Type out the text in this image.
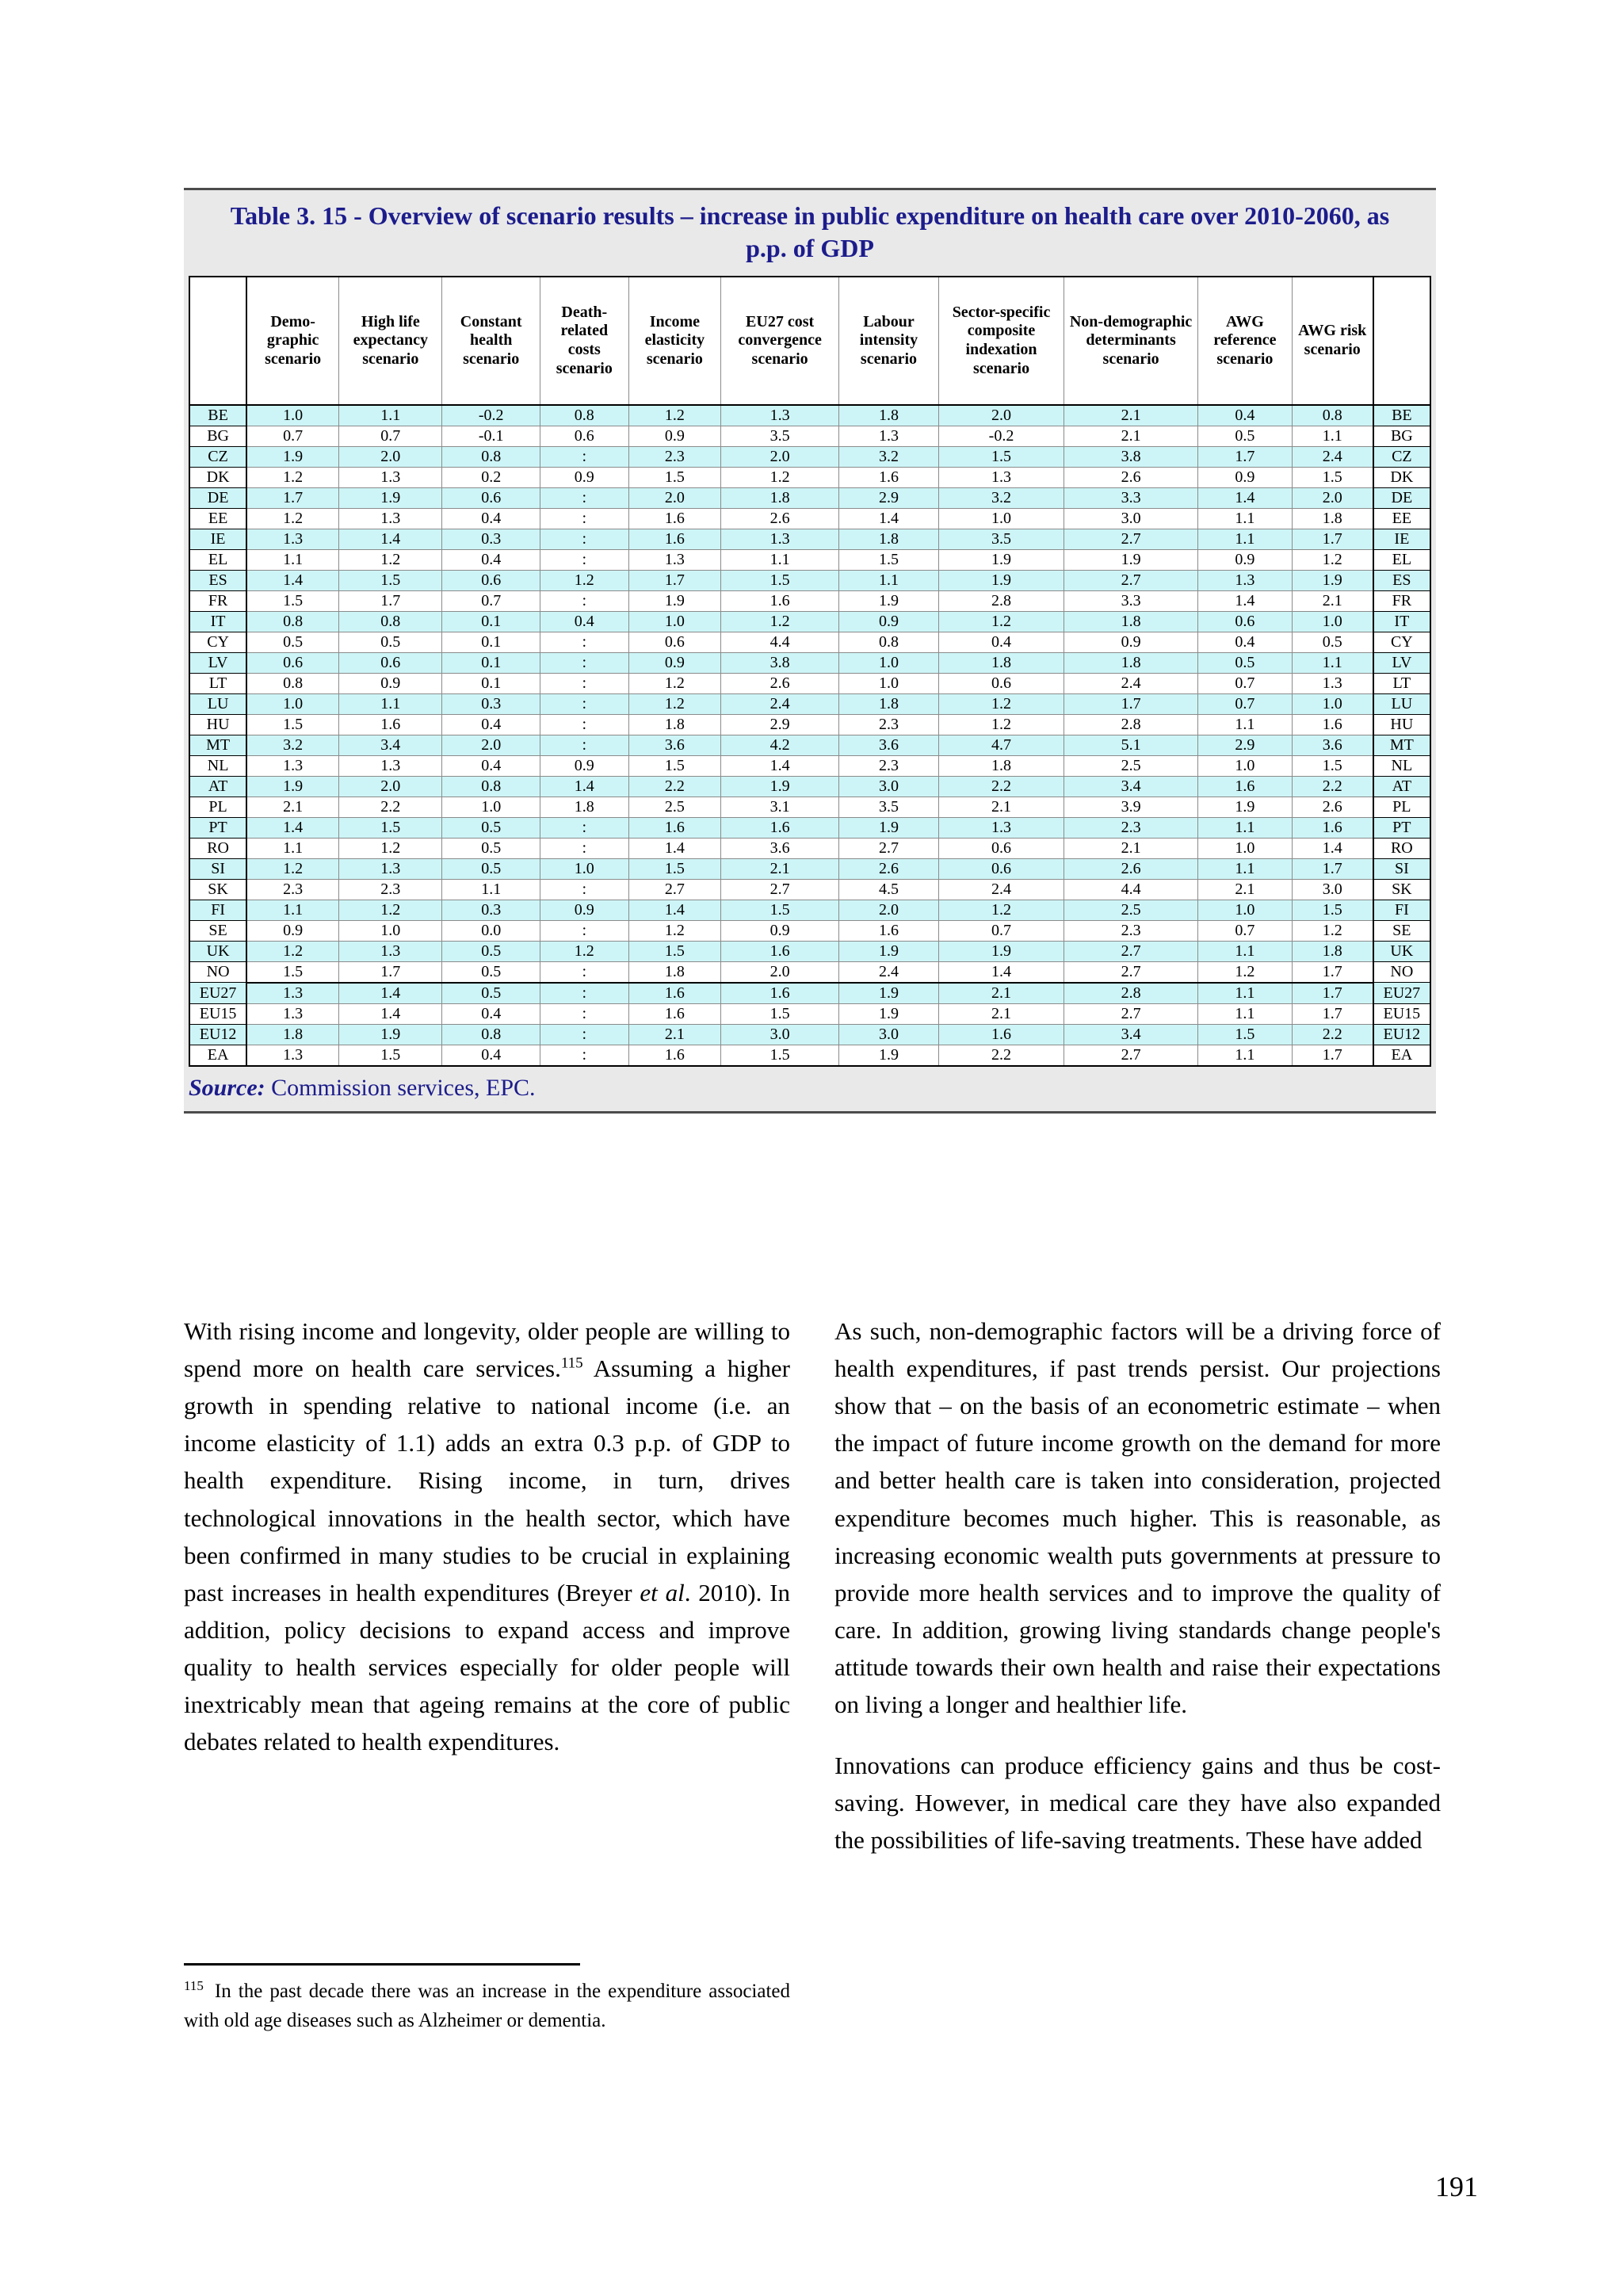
Table 3. 15 - Overview of scenario results – increase in public expenditure on health care over 2010-2060, as p.p. of GDP
	Demo-graphic scenario	High life expectancy scenario	Constant health scenario	Death-related costs scenario	Income elasticity scenario	EU27 cost convergence scenario	Labour intensity scenario	Sector-specific composite indexation scenario	Non-demographic determinants scenario	AWG reference scenario	AWG risk scenario	
BE	1.0	1.1	-0.2	0.8	1.2	1.3	1.8	2.0	2.1	0.4	0.8	BE
BG	0.7	0.7	-0.1	0.6	0.9	3.5	1.3	-0.2	2.1	0.5	1.1	BG
CZ	1.9	2.0	0.8	:	2.3	2.0	3.2	1.5	3.8	1.7	2.4	CZ
DK	1.2	1.3	0.2	0.9	1.5	1.2	1.6	1.3	2.6	0.9	1.5	DK
DE	1.7	1.9	0.6	:	2.0	1.8	2.9	3.2	3.3	1.4	2.0	DE
EE	1.2	1.3	0.4	:	1.6	2.6	1.4	1.0	3.0	1.1	1.8	EE
IE	1.3	1.4	0.3	:	1.6	1.3	1.8	3.5	2.7	1.1	1.7	IE
EL	1.1	1.2	0.4	:	1.3	1.1	1.5	1.9	1.9	0.9	1.2	EL
ES	1.4	1.5	0.6	1.2	1.7	1.5	1.1	1.9	2.7	1.3	1.9	ES
FR	1.5	1.7	0.7	:	1.9	1.6	1.9	2.8	3.3	1.4	2.1	FR
IT	0.8	0.8	0.1	0.4	1.0	1.2	0.9	1.2	1.8	0.6	1.0	IT
CY	0.5	0.5	0.1	:	0.6	4.4	0.8	0.4	0.9	0.4	0.5	CY
LV	0.6	0.6	0.1	:	0.9	3.8	1.0	1.8	1.8	0.5	1.1	LV
LT	0.8	0.9	0.1	:	1.2	2.6	1.0	0.6	2.4	0.7	1.3	LT
LU	1.0	1.1	0.3	:	1.2	2.4	1.8	1.2	1.7	0.7	1.0	LU
HU	1.5	1.6	0.4	:	1.8	2.9	2.3	1.2	2.8	1.1	1.6	HU
MT	3.2	3.4	2.0	:	3.6	4.2	3.6	4.7	5.1	2.9	3.6	MT
NL	1.3	1.3	0.4	0.9	1.5	1.4	2.3	1.8	2.5	1.0	1.5	NL
AT	1.9	2.0	0.8	1.4	2.2	1.9	3.0	2.2	3.4	1.6	2.2	AT
PL	2.1	2.2	1.0	1.8	2.5	3.1	3.5	2.1	3.9	1.9	2.6	PL
PT	1.4	1.5	0.5	:	1.6	1.6	1.9	1.3	2.3	1.1	1.6	PT
RO	1.1	1.2	0.5	:	1.4	3.6	2.7	0.6	2.1	1.0	1.4	RO
SI	1.2	1.3	0.5	1.0	1.5	2.1	2.6	0.6	2.6	1.1	1.7	SI
SK	2.3	2.3	1.1	:	2.7	2.7	4.5	2.4	4.4	2.1	3.0	SK
FI	1.1	1.2	0.3	0.9	1.4	1.5	2.0	1.2	2.5	1.0	1.5	FI
SE	0.9	1.0	0.0	:	1.2	0.9	1.6	0.7	2.3	0.7	1.2	SE
UK	1.2	1.3	0.5	1.2	1.5	1.6	1.9	1.9	2.7	1.1	1.8	UK
NO	1.5	1.7	0.5	:	1.8	2.0	2.4	1.4	2.7	1.2	1.7	NO
EU27	1.3	1.4	0.5	:	1.6	1.6	1.9	2.1	2.8	1.1	1.7	EU27
EU15	1.3	1.4	0.4	:	1.6	1.5	1.9	2.1	2.7	1.1	1.7	EU15
EU12	1.8	1.9	0.8	:	2.1	3.0	3.0	1.6	3.4	1.5	2.2	EU12
EA	1.3	1.5	0.4	:	1.6	1.5	1.9	2.2	2.7	1.1	1.7	EA
Source: Commission services, EPC.

With rising income and longevity, older people are willing to spend more on health care services.$^{115}$ Assuming a higher growth in spending relative to national income (i.e. an income elasticity of 1.1) adds an extra 0.3 p.p. of GDP to health expenditure. Rising income, in turn, drives technological innovations in the health sector, which have been confirmed in many studies to be crucial in explaining past increases in health expenditures (Breyer et al. 2010). In addition, policy decisions to expand access and improve quality to health services especially for older people will inextricably mean that ageing remains at the core of public debates related to health expenditures.

As such, non-demographic factors will be a driving force of health expenditures, if past trends persist. Our projections show that – on the basis of an econometric estimate – when the impact of future income growth on the demand for more and better health care is taken into consideration, projected expenditure becomes much higher. This is reasonable, as increasing economic wealth puts governments at pressure to provide more health services and to improve the quality of care. In addition, growing living standards change people's attitude towards their own health and raise their expectations on living a longer and healthier life.

Innovations can produce efficiency gains and thus be cost-saving. However, in medical care they have also expanded the possibilities of life-saving treatments. These have added

$^{115}$ In the past decade there was an increase in the expenditure associated with old age diseases such as Alzheimer or dementia.

191
